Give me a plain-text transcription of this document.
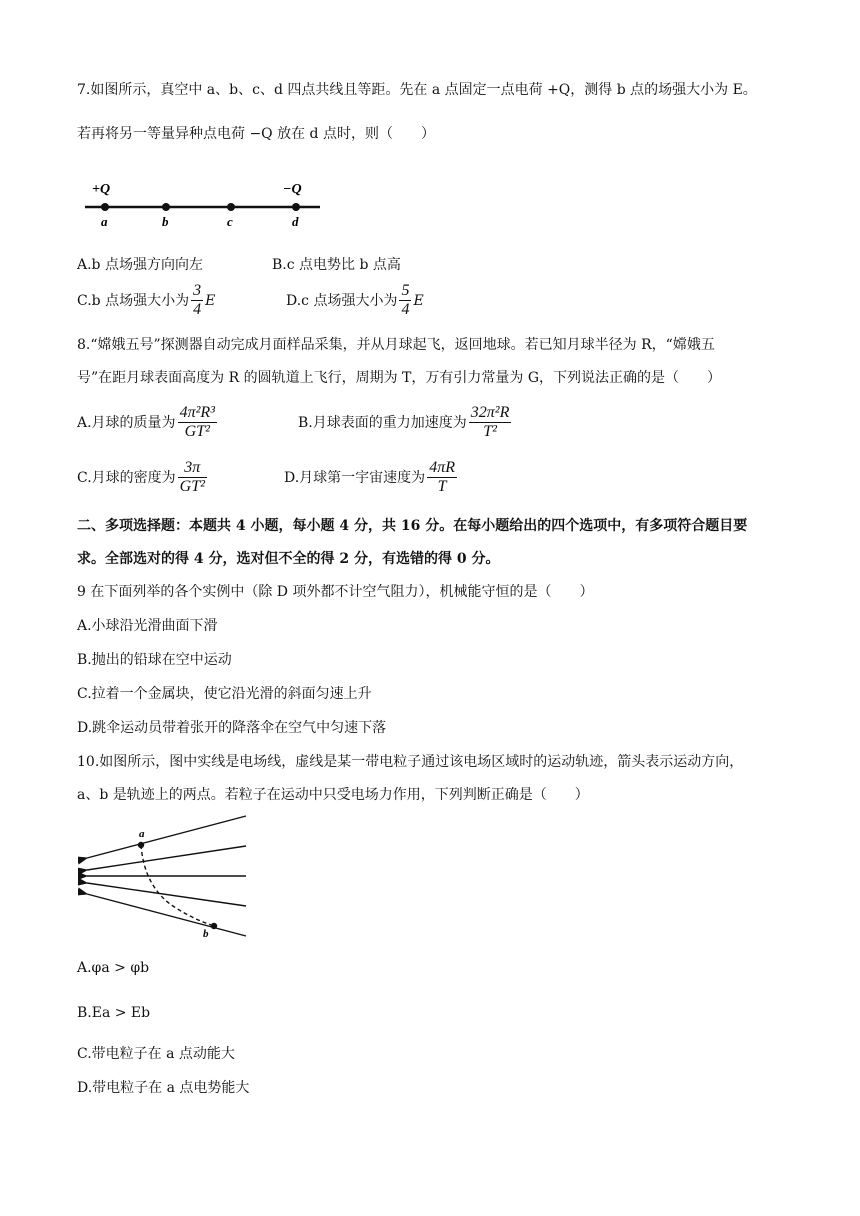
7.如图所示，真空中 a、b、c、d 四点共线且等距。先在 a 点固定一点电荷 +Q，测得 b 点的场强大小为 E。
若再将另一等量异种点电荷 −Q 放在 d 点时，则（　　）
+Q	−Q
a	b	c	d
A.b 点场强方向向左	B.c 点电势比 b 点高
C.b 点场强大小为 $\frac{3}{4}$ E	D.c 点场强大小为 $\frac{5}{4}$ E
8.“嫦娥五号”探测器自动完成月面样品采集，并从月球起飞，返回地球。若已知月球半径为 R，“嫦娥五
号”在距月球表面高度为 R 的圆轨道上飞行，周期为 T，万有引力常量为 G，下列说法正确的是（　　）
A.月球的质量为 $\frac{\text{4π²R³}}{\text{GT²}}$	B.月球表面的重力加速度为 $\frac{\text{32π²R}}{\text{T²}}$
C.月球的密度为 $\frac{3\pi}{\text{GT²}}$	D.月球第一宇宙速度为 $\frac{4\pi R}{T}$
二、多项选择题：本题共 4 小题，每小题 4 分，共 16 分。在每小题给出的四个选项中，有多项符合题目要
求。全部选对的得 4 分，选对但不全的得 2 分，有选错的得 0 分。
9 在下面列举的各个实例中（除 D 项外都不计空气阻力），机械能守恒的是（　　）
A.小球沿光滑曲面下滑
B.抛出的铅球在空中运动
C.拉着一个金属块，使它沿光滑的斜面匀速上升
D.跳伞运动员带着张开的降落伞在空气中匀速下落
10.如图所示，图中实线是电场线，虚线是某一带电粒子通过该电场区域时的运动轨迹，箭头表示运动方向，
a、b 是轨迹上的两点。若粒子在运动中只受电场力作用，下列判断正确是（　　）
a
b
A.φa > φb
B.Ea > Eb
C.带电粒子在 a 点动能大
D.带电粒子在 a 点电势能大
